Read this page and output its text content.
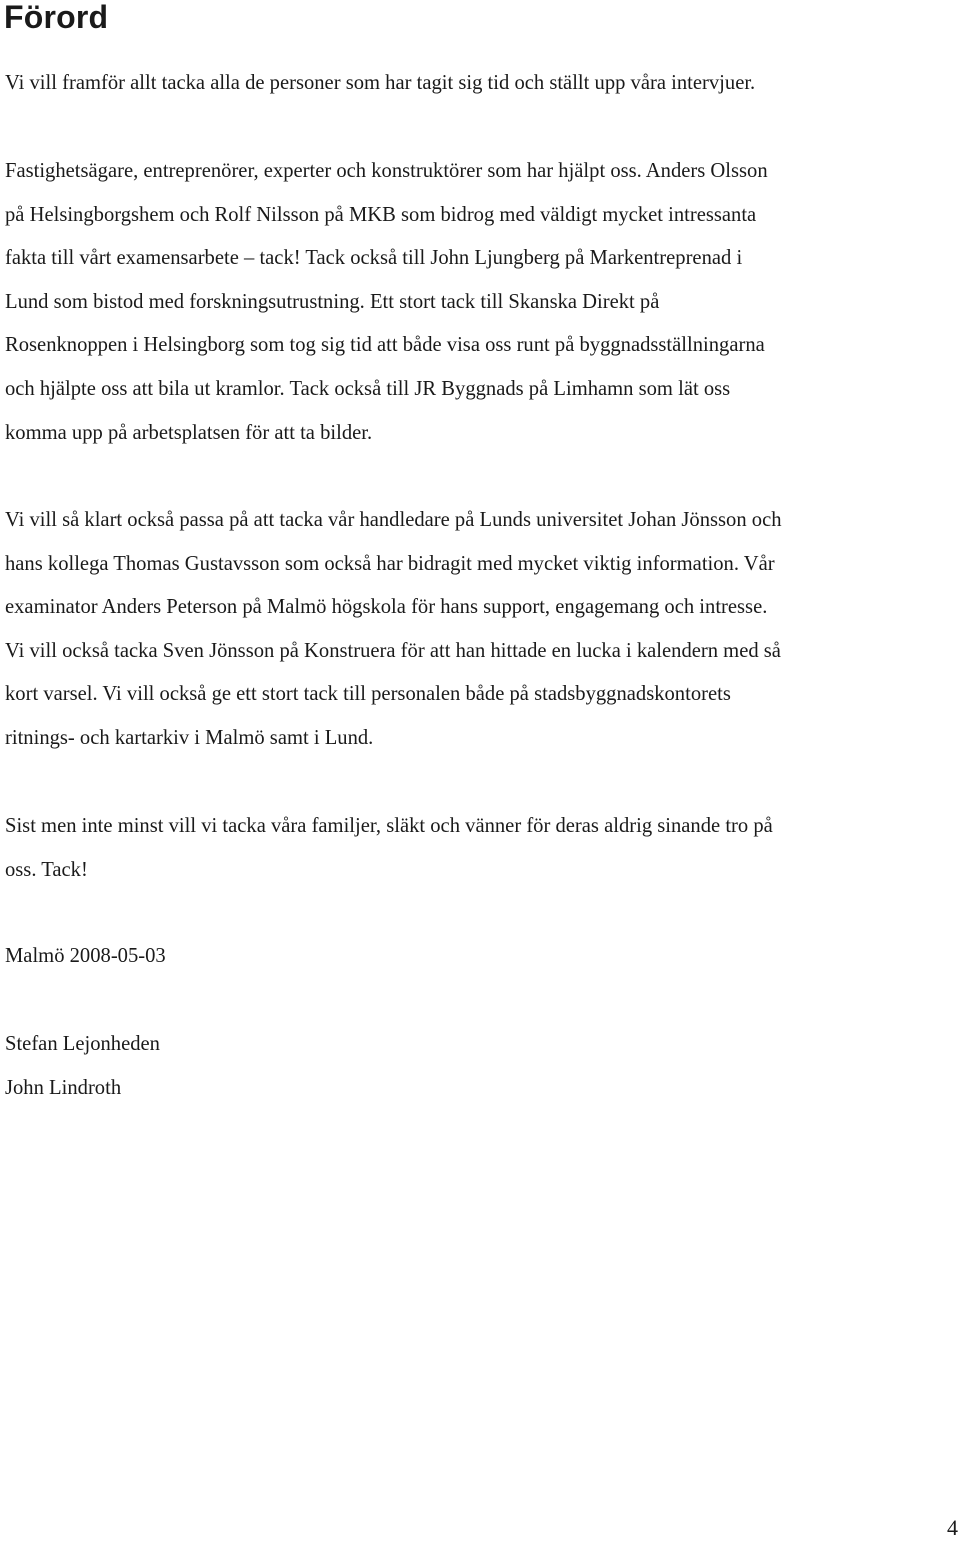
Förord

Vi vill framför allt tacka alla de personer som har tagit sig tid och ställt upp våra intervjuer.

Fastighetsägare, entreprenörer, experter och konstruktörer som har hjälpt oss. Anders Olsson
på Helsingborgshem och Rolf Nilsson på MKB som bidrog med väldigt mycket intressanta
fakta till vårt examensarbete – tack! Tack också till John Ljungberg på Markentreprenad i
Lund som bistod med forskningsutrustning. Ett stort tack till Skanska Direkt på
Rosenknoppen i Helsingborg som tog sig tid att både visa oss runt på byggnadsställningarna
och hjälpte oss att bila ut kramlor. Tack också till JR Byggnads på Limhamn som lät oss
komma upp på arbetsplatsen för att ta bilder.

Vi vill så klart också passa på att tacka vår handledare på Lunds universitet Johan Jönsson och
hans kollega Thomas Gustavsson som också har bidragit med mycket viktig information. Vår
examinator Anders Peterson på Malmö högskola för hans support, engagemang och intresse.
Vi vill också tacka Sven Jönsson på Konstruera för att han hittade en lucka i kalendern med så
kort varsel. Vi vill också ge ett stort tack till personalen både på stadsbyggnadskontorets
ritnings- och kartarkiv i Malmö samt i Lund.

Sist men inte minst vill vi tacka våra familjer, släkt och vänner för deras aldrig sinande tro på
oss. Tack!

Malmö 2008-05-03

Stefan Lejonheden
John Lindroth

4
